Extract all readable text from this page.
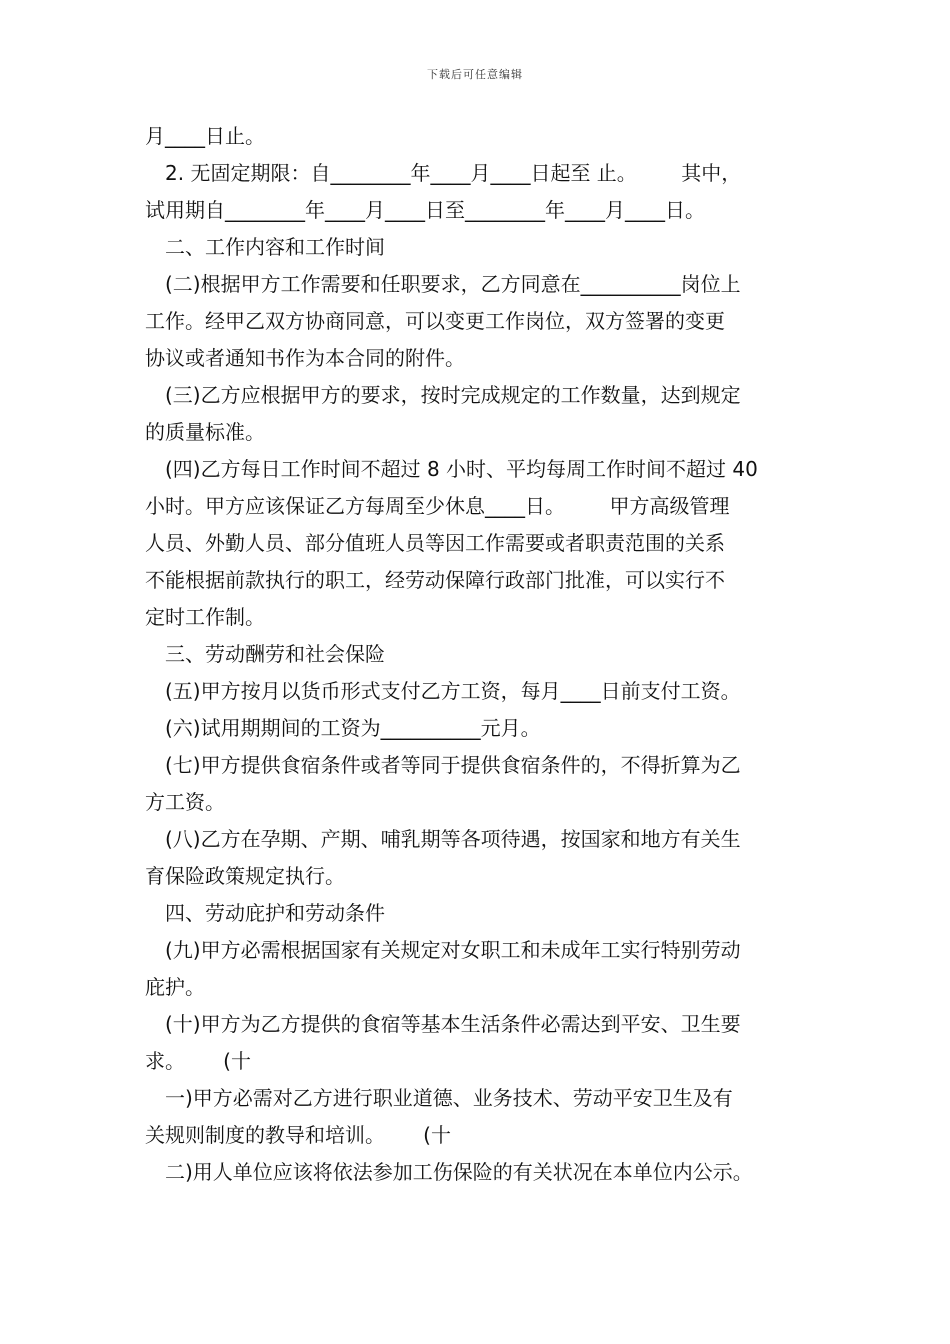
下载后可任意编辑
月____日止。
2. 无固定期限：自________年____月____日起至 止。       其中，
试用期自________年____月____日至________年____月____日。
二、工作内容和工作时间
(二)根据甲方工作需要和任职要求，乙方同意在__________岗位上
工作。经甲乙双方协商同意，可以变更工作岗位，双方签署的变更
协议或者通知书作为本合同的附件。
(三)乙方应根据甲方的要求，按时完成规定的工作数量，达到规定
的质量标准。
(四)乙方每日工作时间不超过 8 小时、平均每周工作时间不超过 40
小时。甲方应该保证乙方每周至少休息____日。       甲方高级管理
人员、外勤人员、部分值班人员等因工作需要或者职责范围的关系
不能根据前款执行的职工，经劳动保障行政部门批准，可以实行不
定时工作制。
三、劳动酬劳和社会保险
(五)甲方按月以货币形式支付乙方工资，每月____日前支付工资。
(六)试用期期间的工资为__________元月。
(七)甲方提供食宿条件或者等同于提供食宿条件的，不得折算为乙
方工资。
(八)乙方在孕期、产期、哺乳期等各项待遇，按国家和地方有关生
育保险政策规定执行。
四、劳动庇护和劳动条件
(九)甲方必需根据国家有关规定对女职工和未成年工实行特别劳动
庇护。
(十)甲方为乙方提供的食宿等基本生活条件必需达到平安、卫生要
求。      (十
一)甲方必需对乙方进行职业道德、业务技术、劳动平安卫生及有
关规则制度的教导和培训。      (十
二)用人单位应该将依法参加工伤保险的有关状况在本单位内公示。
